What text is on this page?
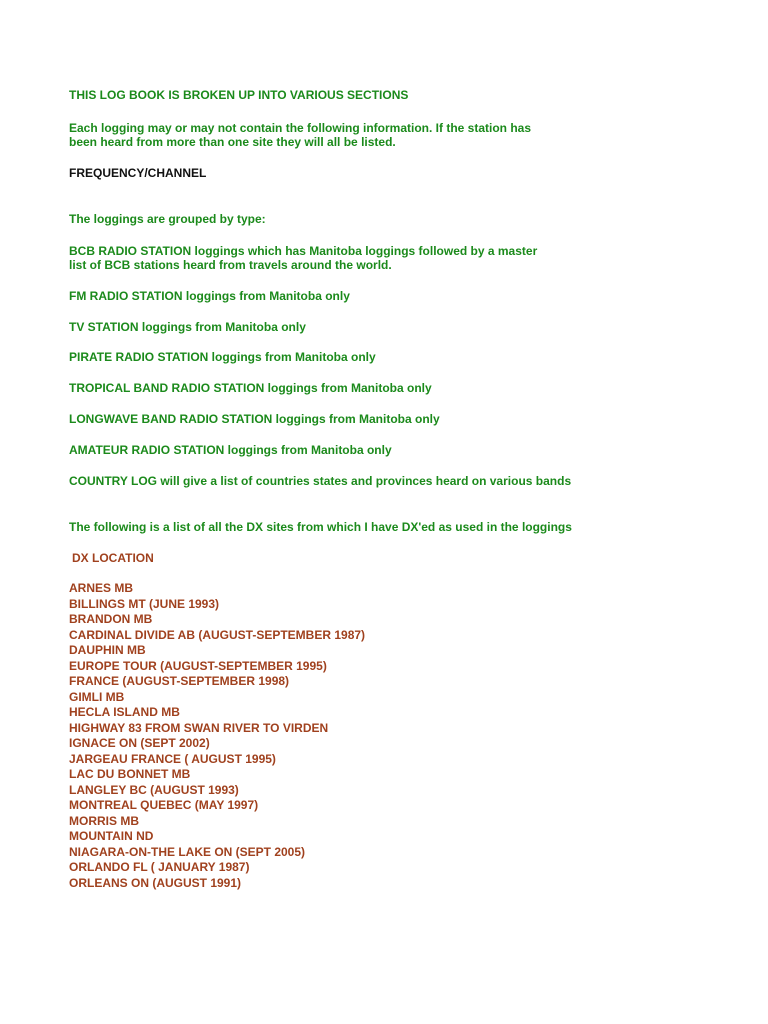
THIS LOG BOOK IS BROKEN UP INTO VARIOUS SECTIONS
Each logging may or may not contain the following information. If the station has
been heard from more than one site they will all be listed.
FREQUENCY/CHANNEL
The loggings are grouped by type:
BCB RADIO STATION loggings which has Manitoba loggings followed by a master
list of BCB stations heard from travels around the world.
FM RADIO STATION loggings from Manitoba only
TV STATION loggings from Manitoba only
PIRATE RADIO STATION loggings from Manitoba only
TROPICAL BAND RADIO STATION loggings from Manitoba only
LONGWAVE BAND RADIO STATION loggings from Manitoba only
AMATEUR RADIO STATION loggings from Manitoba only
COUNTRY LOG will give a list of countries states and provinces heard on various bands
The following is a list of all the DX sites from which I have DX'ed as used in the loggings
DX LOCATION
ARNES MB
BILLINGS MT (JUNE 1993)
BRANDON MB
CARDINAL DIVIDE AB (AUGUST-SEPTEMBER 1987)
DAUPHIN MB
EUROPE TOUR (AUGUST-SEPTEMBER 1995)
FRANCE (AUGUST-SEPTEMBER 1998)
GIMLI MB
HECLA ISLAND MB
HIGHWAY 83 FROM SWAN RIVER TO VIRDEN
IGNACE ON (SEPT 2002)
JARGEAU FRANCE ( AUGUST 1995)
LAC DU BONNET MB
LANGLEY BC (AUGUST 1993)
MONTREAL QUEBEC (MAY 1997)
MORRIS MB
MOUNTAIN ND
NIAGARA-ON-THE LAKE ON (SEPT 2005)
ORLANDO FL ( JANUARY 1987)
ORLEANS ON (AUGUST 1991)
